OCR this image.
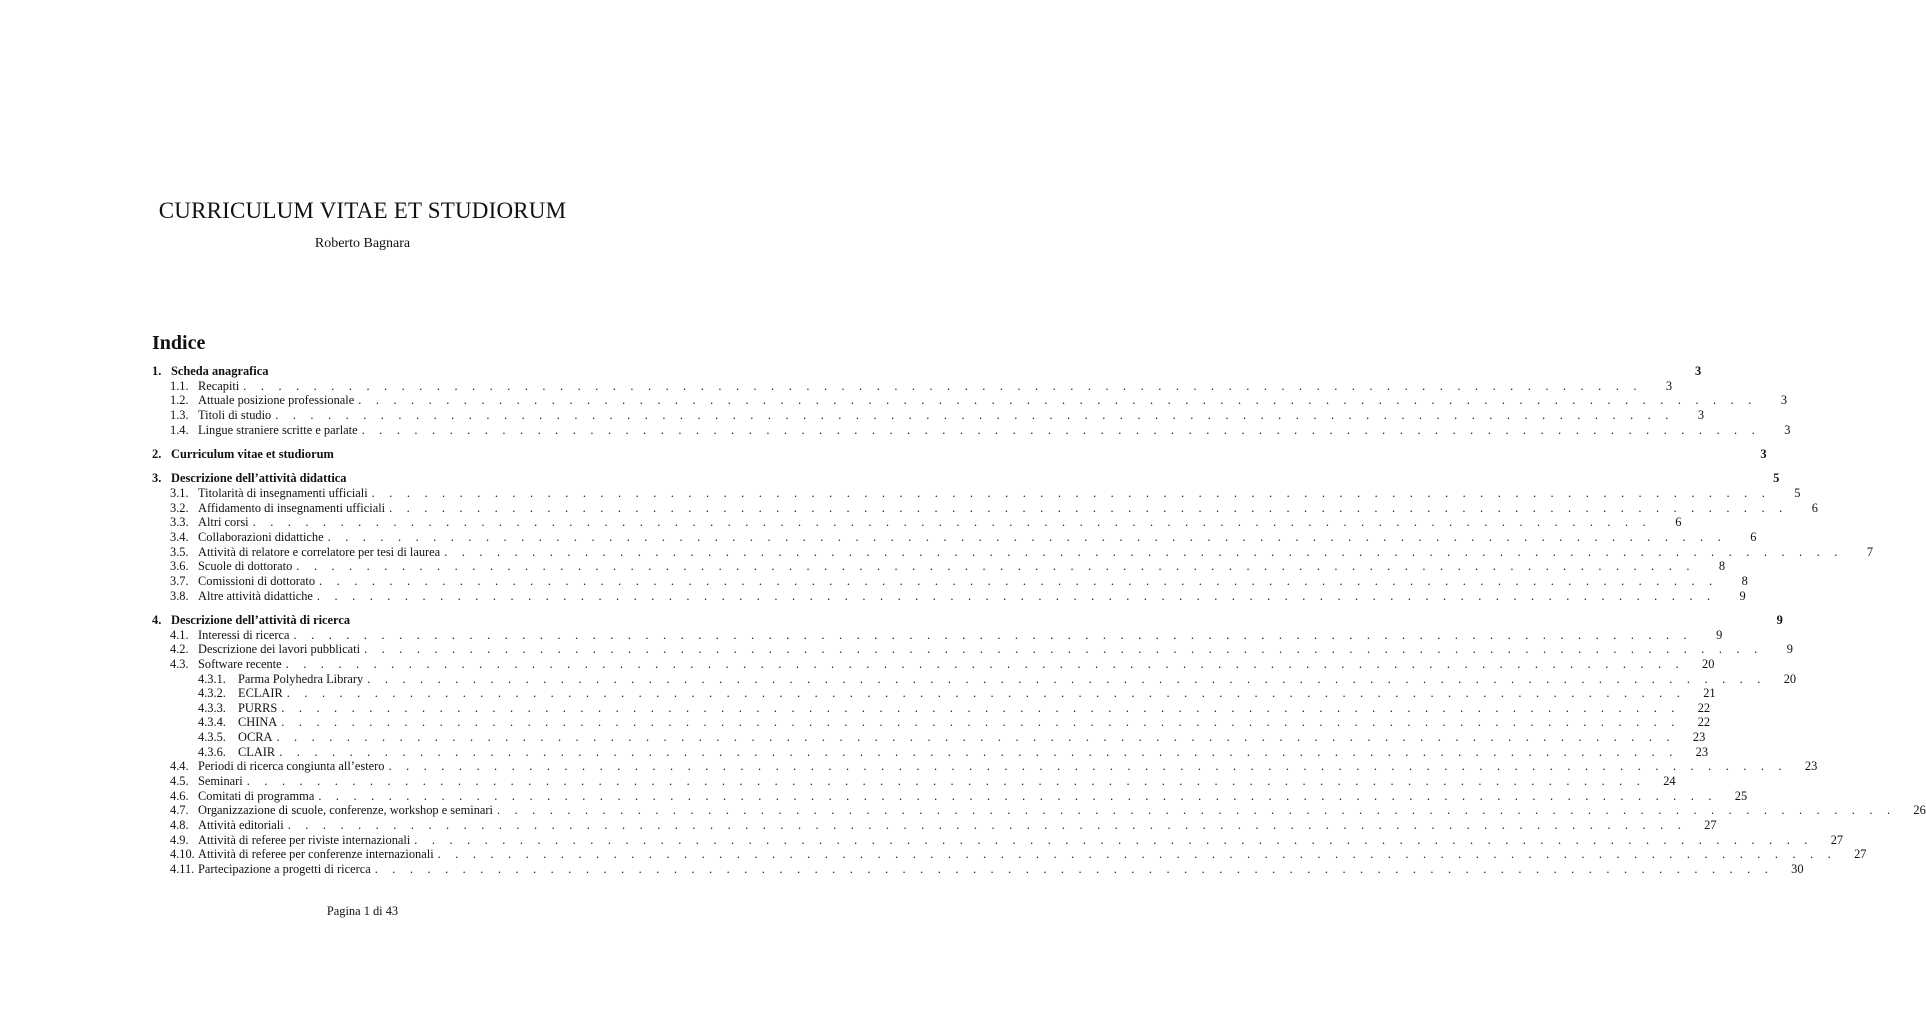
CURRICULUM VITAE ET STUDIORUM
Roberto Bagnara
Indice
1. Scheda anagrafica	3
1.1. Recapiti . . . . . . . . . . . . . . . . . . . . . . . . . . . . . . . . . . . . . . . . . . . . . . . . . . . . . . . . . . . . . . . . . . . . . . . . . . . . . . . .	3
1.2. Attuale posizione professionale . . . . . . . . . . . . . . . . . . . . . . . . . . . . . . . . . . . . . . . . . . . . . . . . . . . . . . . . . . . . . . . . . . . . . . . . . . . . . . . .	3
1.3. Titoli di studio . . . . . . . . . . . . . . . . . . . . . . . . . . . . . . . . . . . . . . . . . . . . . . . . . . . . . . . . . . . . . . . . . . . . . . . . . . . . . . . .	3
1.4. Lingue straniere scritte e parlate . . . . . . . . . . . . . . . . . . . . . . . . . . . . . . . . . . . . . . . . . . . . . . . . . . . . . . . . . . . . . . . . . . . . . . . . . . . . . . . .	3
2. Curriculum vitae et studiorum	3
3. Descrizione dell’attività didattica	5
3.1. Titolarità di insegnamenti ufficiali . . . . . . . . . . . . . . . . . . . . . . . . . . . . . . . . . . . . . . . . . . . . . . . . . . . . . . . . . . . . . . . . . . . . . . . . . . . . . . . .	5
3.2. Affidamento di insegnamenti ufficiali . . . . . . . . . . . . . . . . . . . . . . . . . . . . . . . . . . . . . . . . . . . . . . . . . . . . . . . . . . . . . . . . . . . . . . . . . . . . . . . .	6
3.3. Altri corsi . . . . . . . . . . . . . . . . . . . . . . . . . . . . . . . . . . . . . . . . . . . . . . . . . . . . . . . . . . . . . . . . . . . . . . . . . . . . . . . .	6
3.4. Collaborazioni didattiche . . . . . . . . . . . . . . . . . . . . . . . . . . . . . . . . . . . . . . . . . . . . . . . . . . . . . . . . . . . . . . . . . . . . . . . . . . . . . . . .	6
3.5. Attività di relatore e correlatore per tesi di laurea . . . . . . . . . . . . . . . . . . . . . . . . . . . . . . . . . . . . . . . . . . . . . . . . . . . . . . . . . . . . . . . . . . . . . . . . . . . . . . . .	7
3.6. Scuole di dottorato . . . . . . . . . . . . . . . . . . . . . . . . . . . . . . . . . . . . . . . . . . . . . . . . . . . . . . . . . . . . . . . . . . . . . . . . . . . . . . . .	8
3.7. Comissioni di dottorato . . . . . . . . . . . . . . . . . . . . . . . . . . . . . . . . . . . . . . . . . . . . . . . . . . . . . . . . . . . . . . . . . . . . . . . . . . . . . . . .	8
3.8. Altre attività didattiche . . . . . . . . . . . . . . . . . . . . . . . . . . . . . . . . . . . . . . . . . . . . . . . . . . . . . . . . . . . . . . . . . . . . . . . . . . . . . . . .	9
4. Descrizione dell’attività di ricerca	9
4.1. Interessi di ricerca . . . . . . . . . . . . . . . . . . . . . . . . . . . . . . . . . . . . . . . . . . . . . . . . . . . . . . . . . . . . . . . . . . . . . . . . . . . . . . . .	9
4.2. Descrizione dei lavori pubblicati . . . . . . . . . . . . . . . . . . . . . . . . . . . . . . . . . . . . . . . . . . . . . . . . . . . . . . . . . . . . . . . . . . . . . . . . . . . . . . . .	9
4.3. Software recente . . . . . . . . . . . . . . . . . . . . . . . . . . . . . . . . . . . . . . . . . . . . . . . . . . . . . . . . . . . . . . . . . . . . . . . . . . . . . . . .	20
4.3.1. Parma Polyhedra Library . . . . . . . . . . . . . . . . . . . . . . . . . . . . . . . . . . . . . . . . . . . . . . . . . . . . . . . . . . . . . . . . . . . . . . . . . . . . . . . .	20
4.3.2. ECLAIR . . . . . . . . . . . . . . . . . . . . . . . . . . . . . . . . . . . . . . . . . . . . . . . . . . . . . . . . . . . . . . . . . . . . . . . . . . . . . . . .	21
4.3.3. PURRS . . . . . . . . . . . . . . . . . . . . . . . . . . . . . . . . . . . . . . . . . . . . . . . . . . . . . . . . . . . . . . . . . . . . . . . . . . . . . . . .	22
4.3.4. CHINA . . . . . . . . . . . . . . . . . . . . . . . . . . . . . . . . . . . . . . . . . . . . . . . . . . . . . . . . . . . . . . . . . . . . . . . . . . . . . . . .	22
4.3.5. OCRA . . . . . . . . . . . . . . . . . . . . . . . . . . . . . . . . . . . . . . . . . . . . . . . . . . . . . . . . . . . . . . . . . . . . . . . . . . . . . . . .	23
4.3.6. CLAIR . . . . . . . . . . . . . . . . . . . . . . . . . . . . . . . . . . . . . . . . . . . . . . . . . . . . . . . . . . . . . . . . . . . . . . . . . . . . . . . .	23
4.4. Periodi di ricerca congiunta all’estero . . . . . . . . . . . . . . . . . . . . . . . . . . . . . . . . . . . . . . . . . . . . . . . . . . . . . . . . . . . . . . . . . . . . . . . . . . . . . . . .	23
4.5. Seminari . . . . . . . . . . . . . . . . . . . . . . . . . . . . . . . . . . . . . . . . . . . . . . . . . . . . . . . . . . . . . . . . . . . . . . . . . . . . . . . .	24
4.6. Comitati di programma . . . . . . . . . . . . . . . . . . . . . . . . . . . . . . . . . . . . . . . . . . . . . . . . . . . . . . . . . . . . . . . . . . . . . . . . . . . . . . . .	25
4.7. Organizzazione di scuole, conferenze, workshop e seminari . . . . . . . . . . . . . . . . . . . . . . . . . . . . . . . . . . . . . . . . . . . . . . . . . . . . . . . . . . . . . . . . . . . . . . . . . . . . . . . .	26
4.8. Attività editoriali . . . . . . . . . . . . . . . . . . . . . . . . . . . . . . . . . . . . . . . . . . . . . . . . . . . . . . . . . . . . . . . . . . . . . . . . . . . . . . . .	27
4.9. Attività di referee per riviste internazionali . . . . . . . . . . . . . . . . . . . . . . . . . . . . . . . . . . . . . . . . . . . . . . . . . . . . . . . . . . . . . . . . . . . . . . . . . . . . . . . .	27
4.10. Attività di referee per conferenze internazionali . . . . . . . . . . . . . . . . . . . . . . . . . . . . . . . . . . . . . . . . . . . . . . . . . . . . . . . . . . . . . . . . . . . . . . . . . . . . . . . .	27
4.11. Partecipazione a progetti di ricerca . . . . . . . . . . . . . . . . . . . . . . . . . . . . . . . . . . . . . . . . . . . . . . . . . . . . . . . . . . . . . . . . . . . . . . . . . . . . . . . .	30
Pagina 1 di 43
